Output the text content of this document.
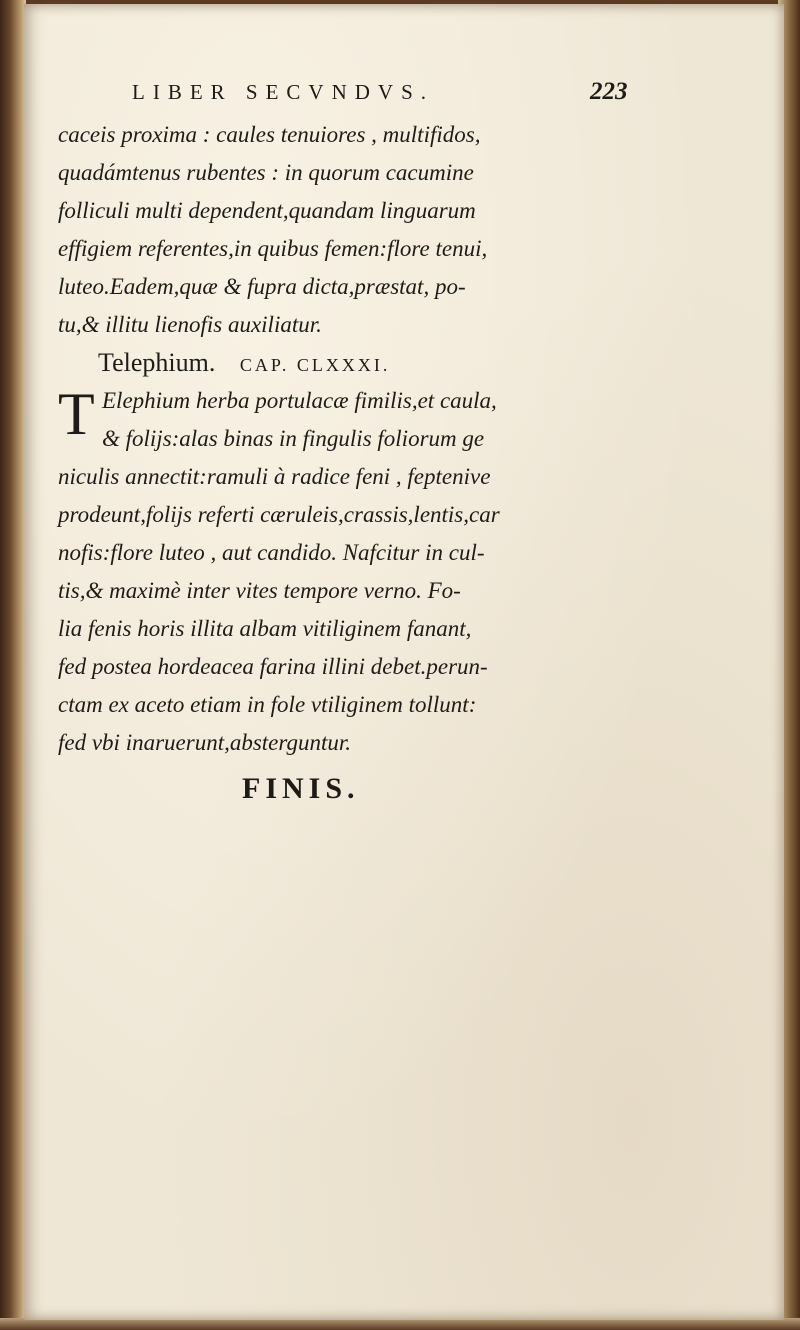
LIBER SECVNDVS.	223
caceis proxima : caules tenuiores , multifidos,
quadámtenus rubentes : in quorum cacumine
folliculi multi dependent,quandam linguarum
effigiem referentes,in quibus femen:flore tenui,
luteo.Eadem,quæ & fupra dicta,præstat, po-
tu,& illitu lienofis auxiliatur.
Telephium. CAP. CLXXXI.
T Elephium herba portulacæ fimilis,et caula,
& folijs:alas binas in fingulis foliorum ge
niculis annectit:ramuli à radice feni , feptenive
prodeunt,folijs referti cæruleis,crassis,lentis,car
nofis:flore luteo , aut candido. Nafcitur in cul-
tis,& maximè inter vites tempore verno. Fo-
lia fenis horis illita albam vitiliginem fanant,
fed postea hordeacea farina illini debet.perun-
ctam ex aceto etiam in fole vtiliginem tollunt:
fed vbi inaruerunt,absterguntur.
FINIS.
